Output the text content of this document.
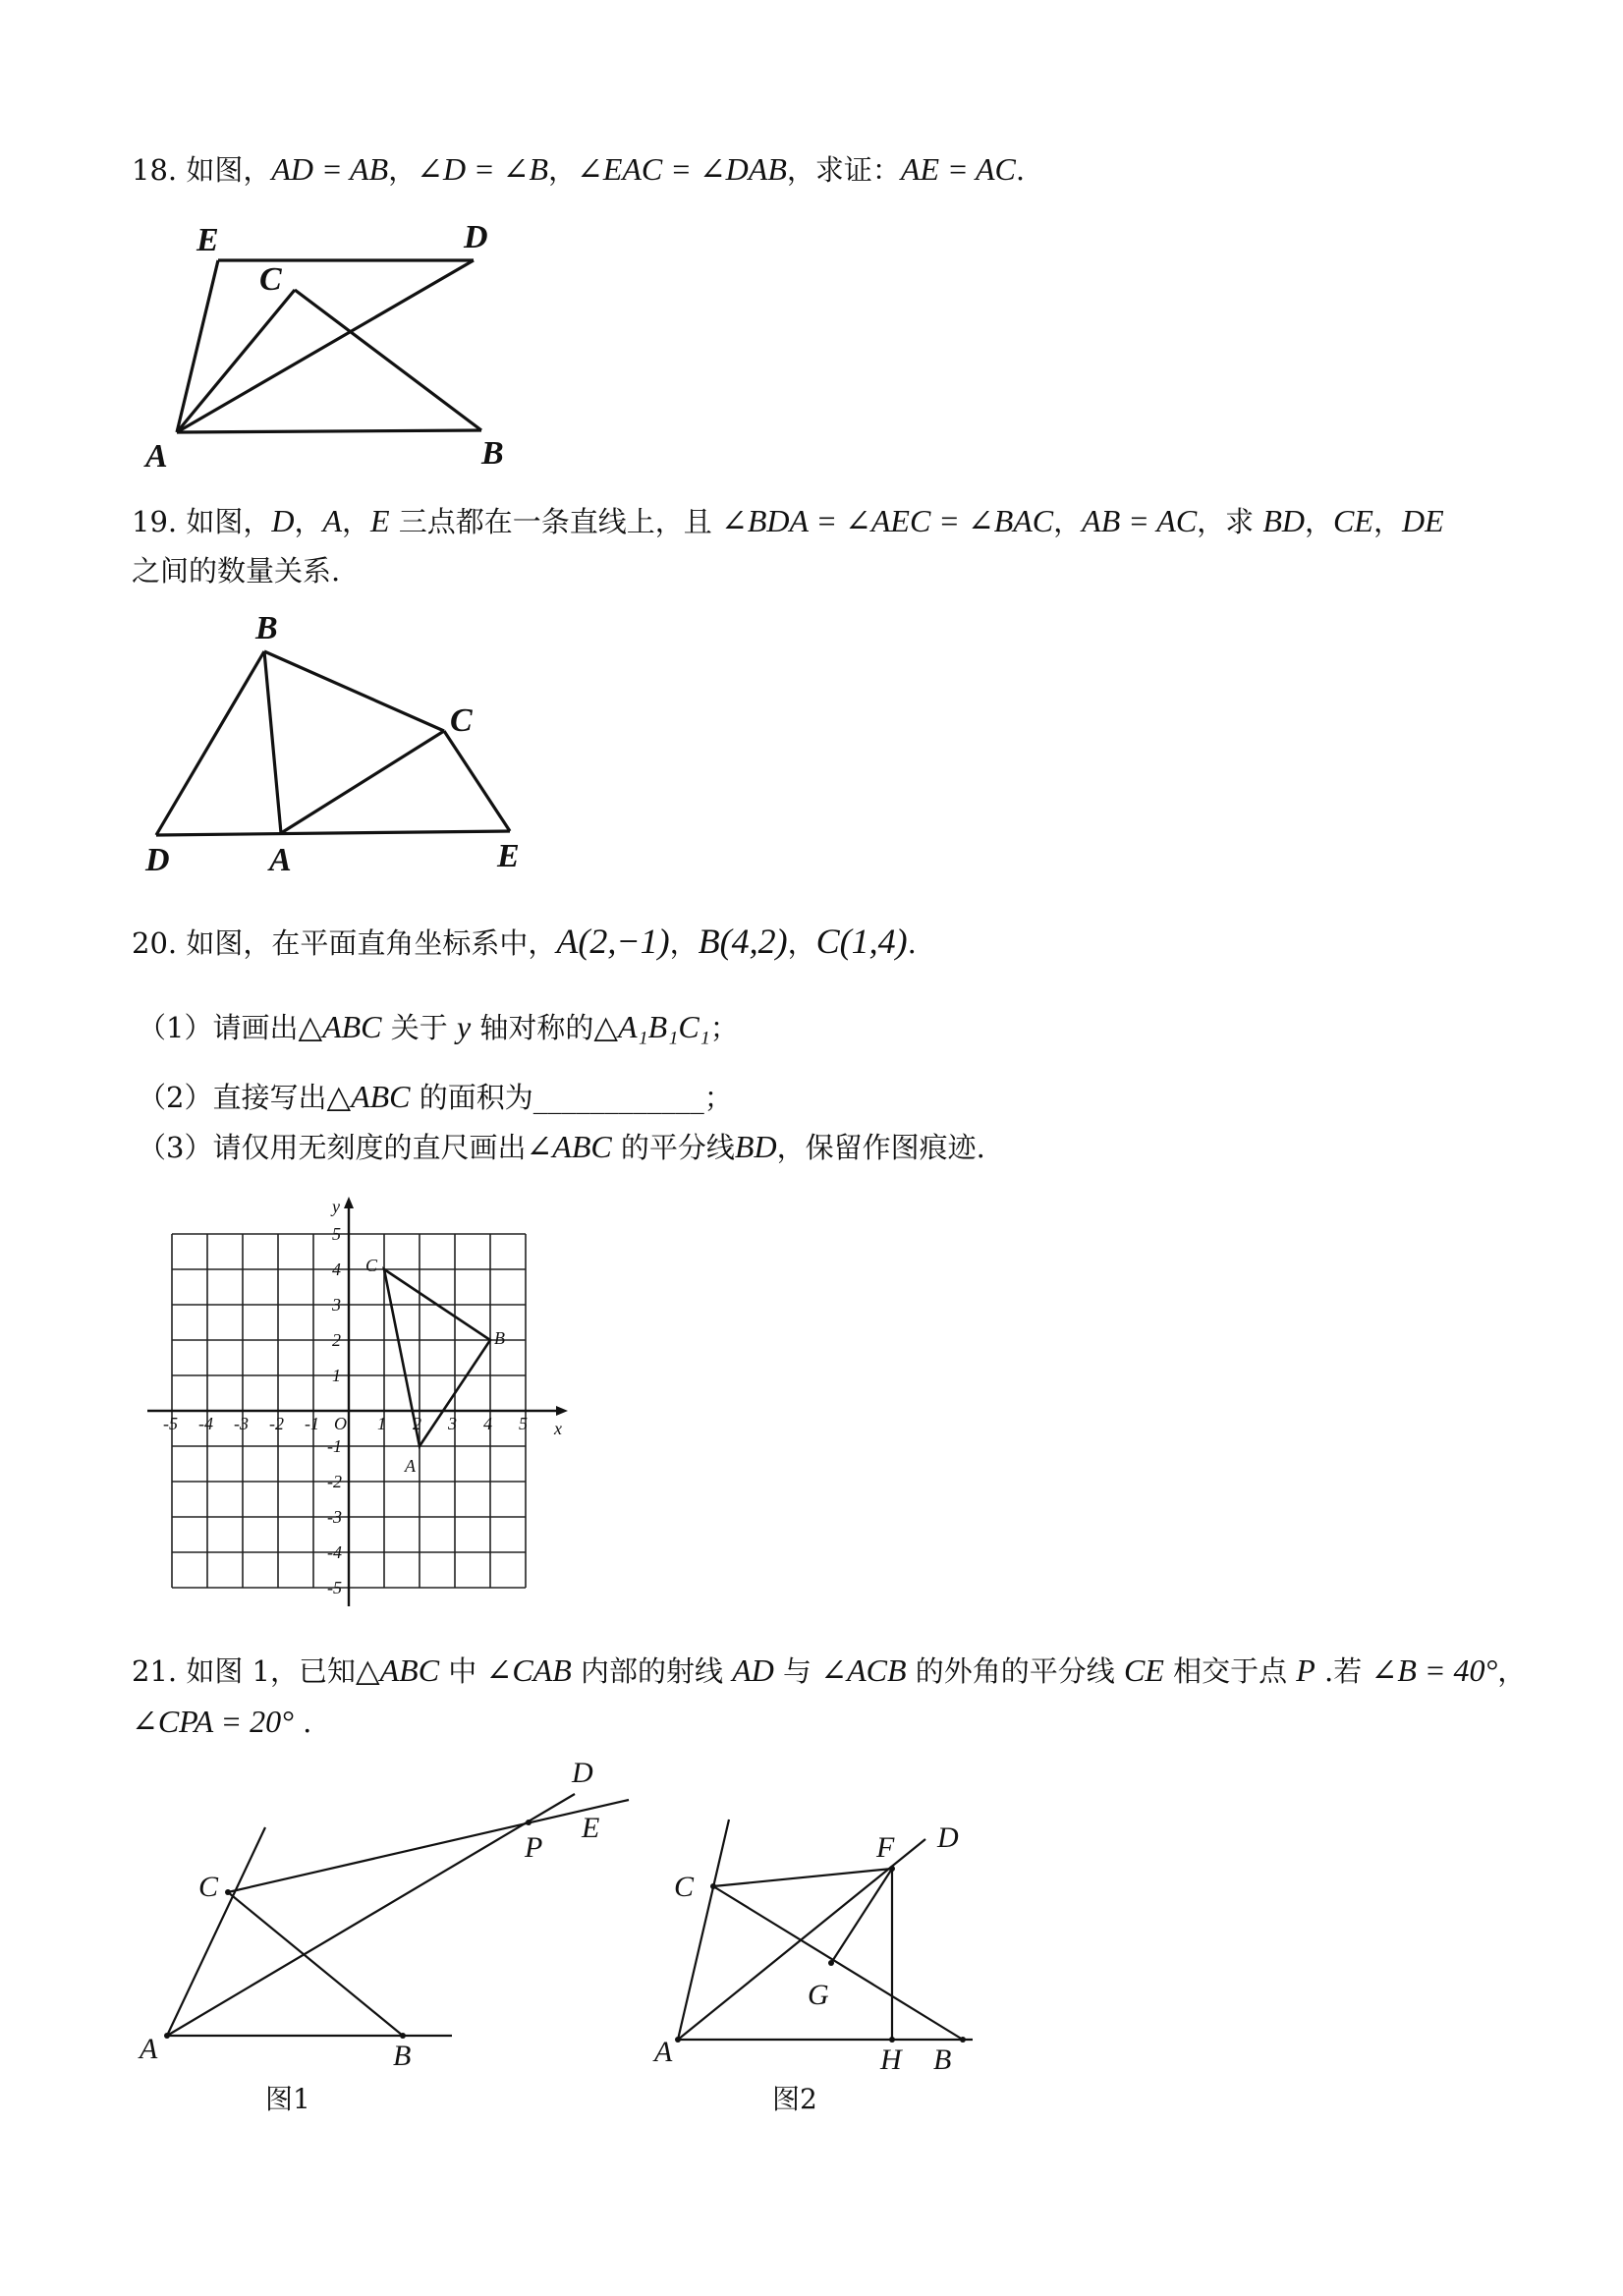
18. 如图，AD = AB，∠D = ∠B，∠EAC = ∠DAB，求证：AE = AC.
E	D
C
A	B
19. 如图，D，A，E 三点都在一条直线上，且 ∠BDA = ∠AEC = ∠BAC，AB = AC，求 BD，CE，DE
之间的数量关系.
B
C
D	A	E
20. 如图，在平面直角坐标系中，A(2,−1)，B(4,2)，C(1,4).
（1）请画出△ABC 关于 y 轴对称的△A₁B₁C₁；
（2）直接写出△ABC 的面积为____________；
（3）请仅用无刻度的直尺画出∠ABC 的平分线BD，保留作图痕迹.
x
y
O
-5 -4 -3 -2 -1	1 2 3 4 5
5
4
3
2
1
-1
-2
-3
-4
-5
A
B
C
21. 如图 1，已知△ABC 中 ∠CAB 内部的射线 AD 与 ∠ACB 的外角的平分线 CE 相交于点 P .若 ∠B = 40°，
∠CPA = 20° .
A
C
B
D
E
P
图1
A
C
F D
G
H B
图2
